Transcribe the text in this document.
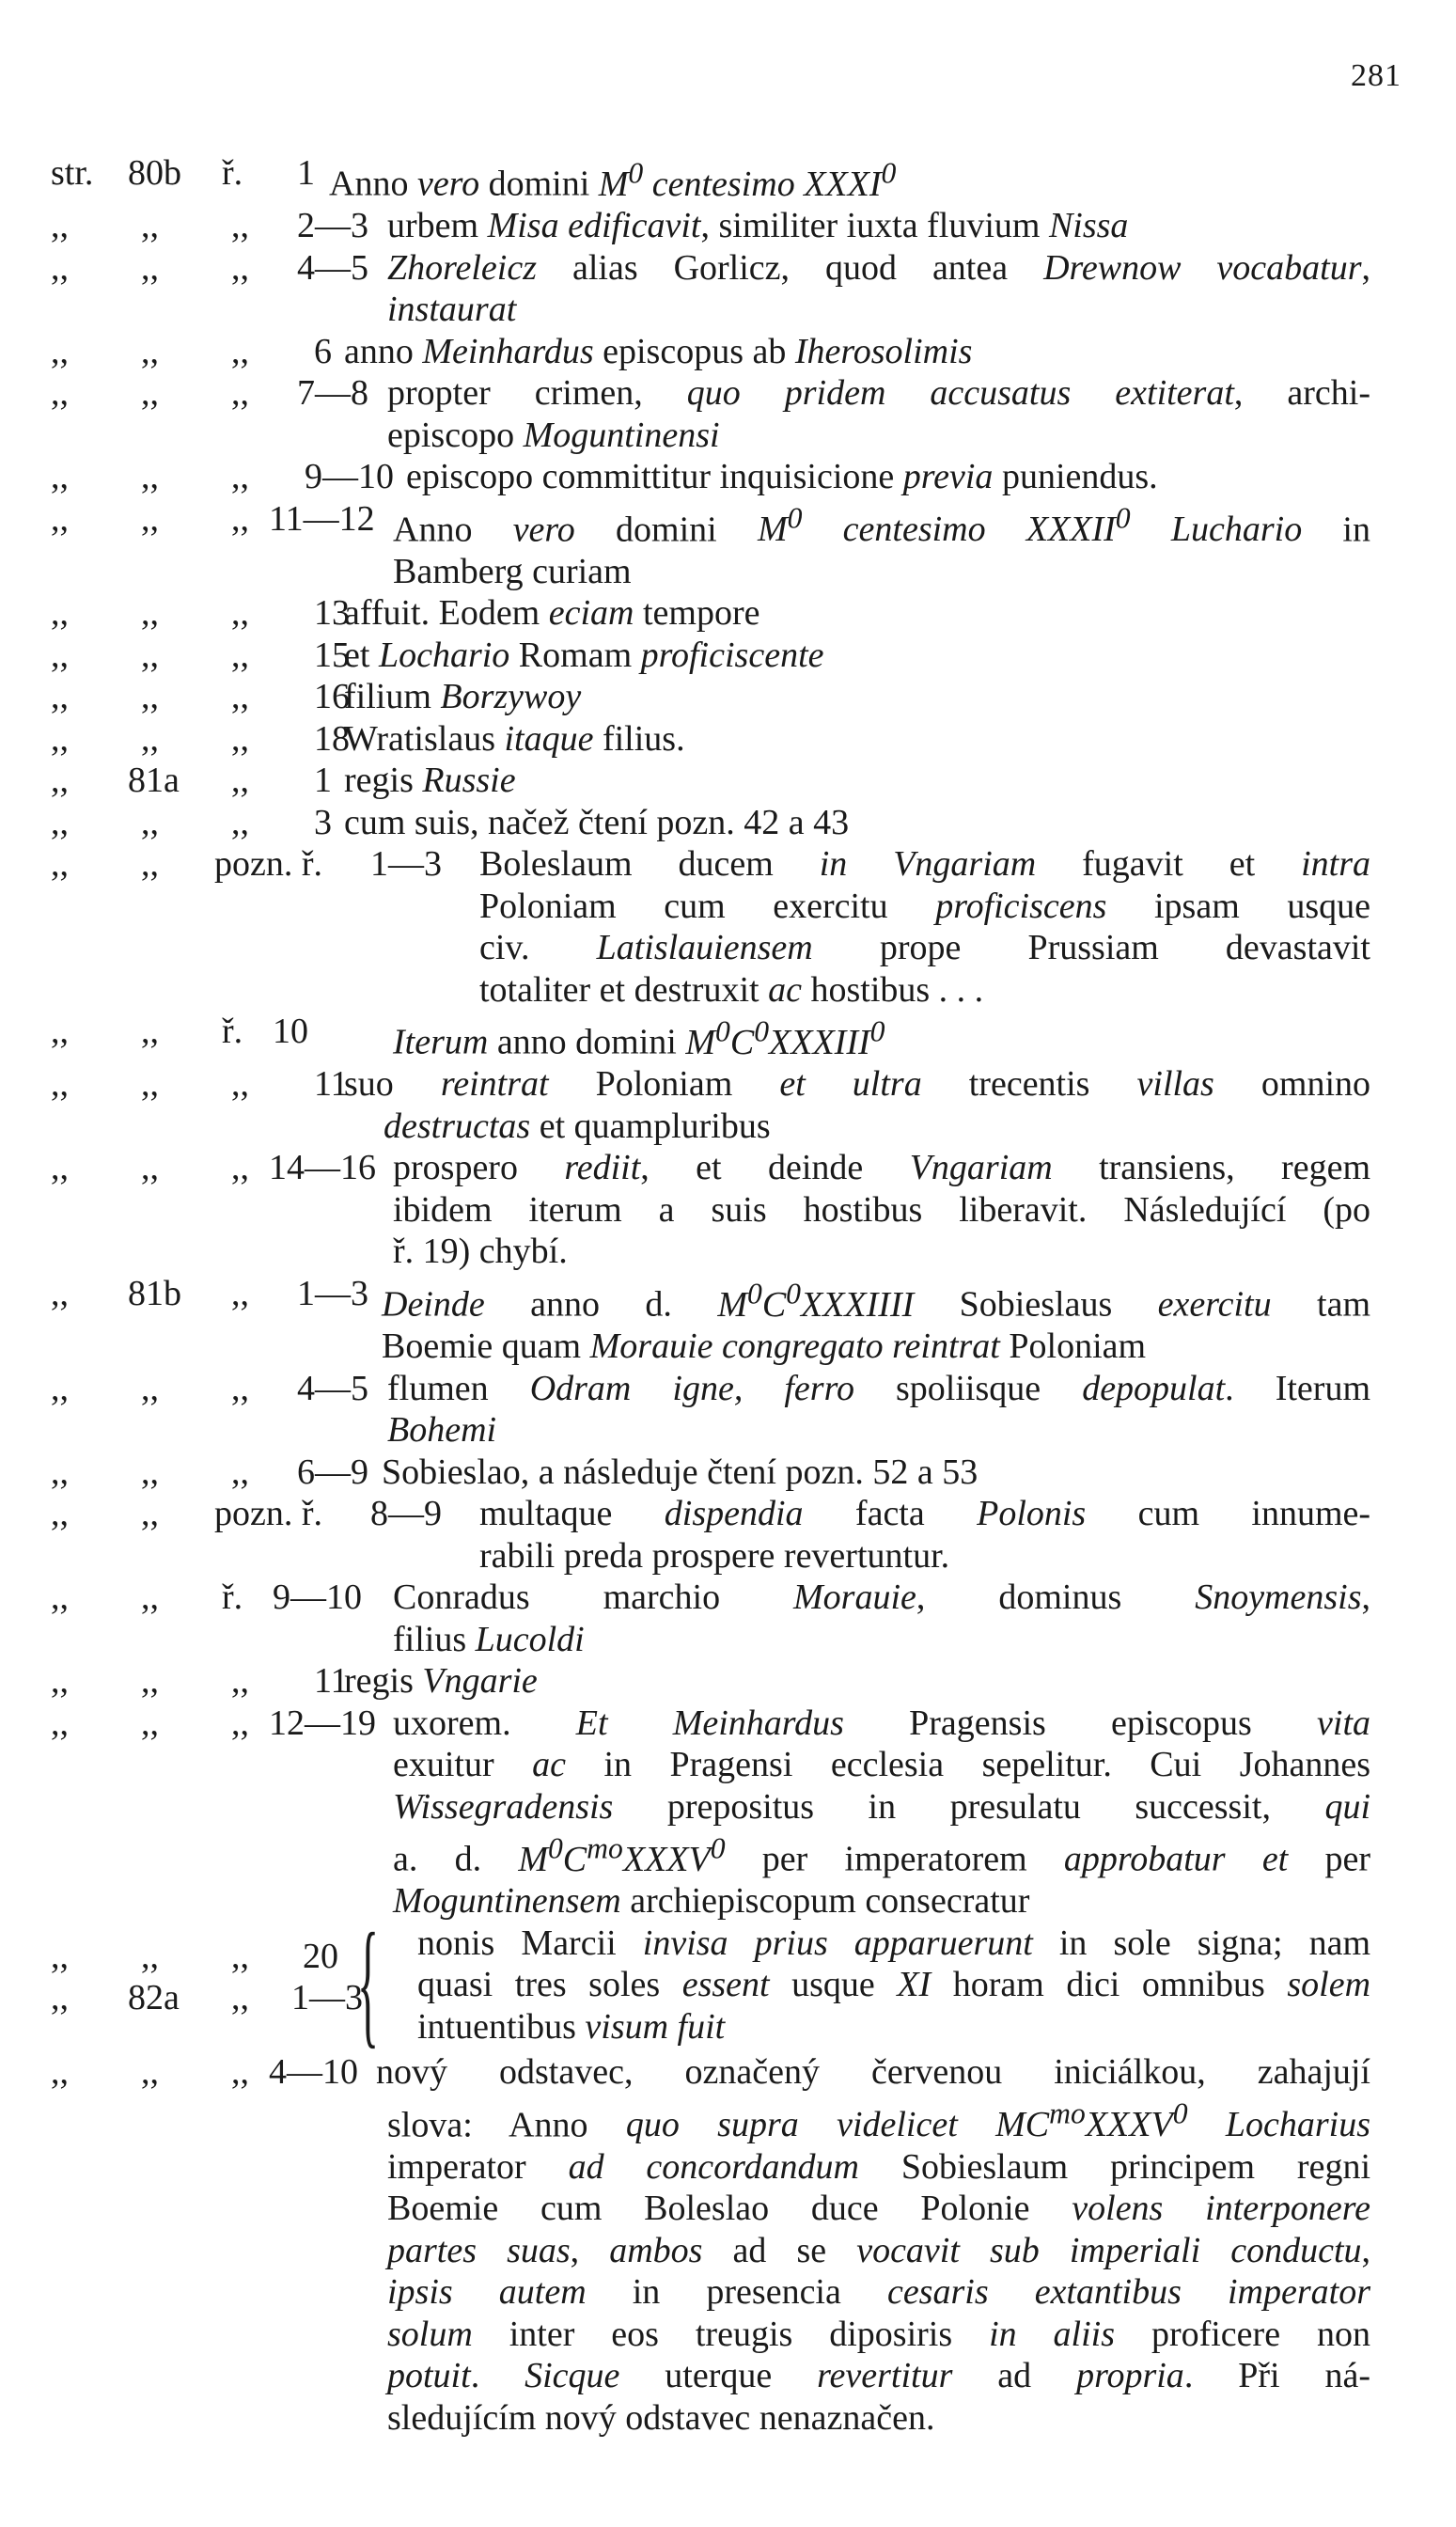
281
str. 80b ř. 1 Anno vero domini $M^0$ centesimo XXXI$^0$
,, ,, ,, 2—3 urbem Misa edificavit, similiter iuxta fluvium Nissa
,, ,, ,, 4—5 Zhoreleicz alias Gorlicz, quod antea Drewnow vocabatur,
instaurat
,, ,, ,, 6 anno Meinhardus episcopus ab Iherosolimis
,, ,, ,, 7—8 propter crimen, quo pridem accusatus extiterat, archi-
episcopo Moguntinensi
,, ,, ,, 9—10 episcopo committitur inquisicione previa puniendus.
,, ,, ,, 11—12 Anno vero domini $M^0$ centesimo XXXII$^0$ Luchario in
Bamberg curiam
,, ,, ,, 13
affuit. Eodem eciam tempore
,, ,, ,, 15
et Lochario Romam proficiscente
,, ,, ,, 16
filium Borzywoy
,, ,, ,, 18
Wratislaus itaque filius.
,, 81a ,, 1 regis Russie
,, ,, ,, 3 cum suis, načež čtení pozn. 42 a 43
,, ,, pozn. ř. 1—3 Boleslaum ducem in Vngariam fugavit et intra
Poloniam cum exercitu proficiscens ipsam usque
civ. Latislauiensem prope Prussiam devastavit
totaliter et destruxit ac hostibus . . .
,, ,, ř. 10 Iterum anno domini $M^0C^0XXXIII^0$
,, ,, ,, 11
suo reintrat Poloniam et ultra trecentis villas omnino
destructas et quampluribus
,, ,, ,, 14—16 prospero rediit, et deinde Vngariam transiens, regem
ibidem iterum a suis hostibus liberavit. Následující (po
ř. 19) chybí.
,, 81b ,, 1—3 Deinde anno d. $M^0C^0XXXIIII$ Sobieslaus exercitu tam
Boemie quam Morauie congregato reintrat Poloniam
,, ,, ,, 4—5 flumen Odram igne, ferro spoliisque depopulat. Iterum
Bohemi
,, ,, ,, 6—9 Sobieslao, a následuje čtení pozn. 52 a 53
,, ,, pozn. ř. 8—9 multaque dispendia facta Polonis cum innume-
rabili preda prospere revertuntur.
,, ,, ř. 9—10 Conradus marchio Morauie, dominus Snoymensis,
filius Lucoldi
,, ,, ,, 11
regis Vngarie
,, ,, ,, 12—19 uxorem. Et Meinhardus Pragensis episcopus vita
exuitur ac in Pragensi ecclesia sepelitur. Cui Johannes
Wissegradensis prepositus in presulatu successit, qui
a. d. $M^0C^{mo}XXXV^0$ per imperatorem approbatur et per
Moguntinensem archiepiscopum consecratur
,, ,, ,, 20
,, 82a ,, 1—3
{ nonis Marcii invisa prius apparuerunt in sole signa; nam
quasi tres soles essent usque XI horam dici omnibus solem
intuentibus visum fuit
,, ,, ,, 4—10 nový odstavec, označený červenou iniciálkou, zahajují
slova: Anno quo supra videlicet $MC^{mo}XXXV^0$ Locharius
imperator ad concordandum Sobieslaum principem regni
Boemie cum Boleslao duce Polonie volens interponere
partes suas, ambos ad se vocavit sub imperiali conductu,
ipsis autem in presencia cesaris extantibus imperator
solum inter eos treugis diposiris in aliis proficere non
potuit. Sicque uterque revertitur ad propria. Při ná-
sledujícím nový odstavec nenaznačen.
